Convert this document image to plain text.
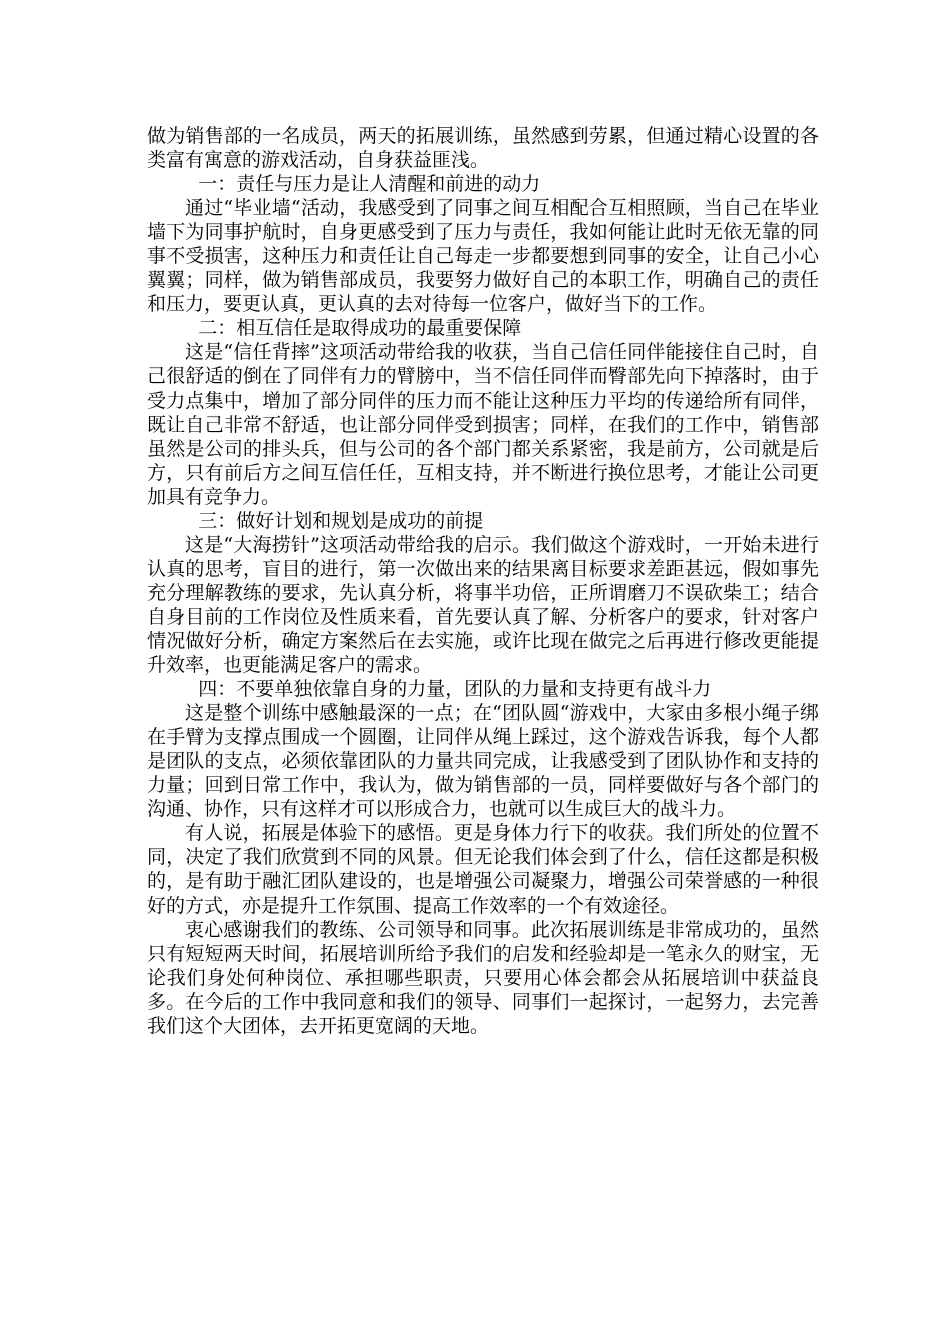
做为销售部的一名成员，两天的拓展训练，虽然感到劳累，但通过精心设置的各类富有寓意的游戏活动，自身获益匪浅。

一：责任与压力是让人清醒和前进的动力

通过“毕业墙“活动，我感受到了同事之间互相配合互相照顾，当自己在毕业墙下为同事护航时，自身更感受到了压力与责任，我如何能让此时无依无靠的同事不受损害，这种压力和责任让自己每走一步都要想到同事的安全，让自己小心翼翼；同样，做为销售部成员，我要努力做好自己的本职工作，明确自己的责任和压力，要更认真，更认真的去对待每一位客户，做好当下的工作。

二：相互信任是取得成功的最重要保障

这是“信任背摔”这项活动带给我的收获，当自己信任同伴能接住自己时，自己很舒适的倒在了同伴有力的臂膀中，当不信任同伴而臀部先向下掉落时，由于受力点集中，增加了部分同伴的压力而不能让这种压力平均的传递给所有同伴，既让自己非常不舒适，也让部分同伴受到损害；同样，在我们的工作中，销售部虽然是公司的排头兵，但与公司的各个部门都关系紧密，我是前方，公司就是后方，只有前后方之间互信任任，互相支持，并不断进行换位思考，才能让公司更加具有竞争力。

三：做好计划和规划是成功的前提

这是“大海捞针”这项活动带给我的启示。我们做这个游戏时，一开始未进行认真的思考，盲目的进行，第一次做出来的结果离目标要求差距甚远，假如事先充分理解教练的要求，先认真分析，将事半功倍，正所谓磨刀不误砍柴工；结合自身目前的工作岗位及性质来看，首先要认真了解、分析客户的要求，针对客户情况做好分析，确定方案然后在去实施，或许比现在做完之后再进行修改更能提升效率，也更能满足客户的需求。

四：不要单独依靠自身的力量，团队的力量和支持更有战斗力

这是整个训练中感触最深的一点；在“团队圆“游戏中，大家由多根小绳子绑在手臂为支撑点围成一个圆圈，让同伴从绳上踩过，这个游戏告诉我，每个人都是团队的支点，必须依靠团队的力量共同完成，让我感受到了团队协作和支持的力量；回到日常工作中，我认为，做为销售部的一员，同样要做好与各个部门的沟通、协作，只有这样才可以形成合力，也就可以生成巨大的战斗力。

有人说，拓展是体验下的感悟。更是身体力行下的收获。我们所处的位置不同，决定了我们欣赏到不同的风景。但无论我们体会到了什么，信任这都是积极的，是有助于融汇团队建设的，也是增强公司凝聚力，增强公司荣誉感的一种很好的方式，亦是提升工作氛围、提高工作效率的一个有效途径。

衷心感谢我们的教练、公司领导和同事。此次拓展训练是非常成功的，虽然只有短短两天时间，拓展培训所给予我们的启发和经验却是一笔永久的财宝，无论我们身处何种岗位、承担哪些职责，只要用心体会都会从拓展培训中获益良多。在今后的工作中我同意和我们的领导、同事们一起探讨，一起努力，去完善我们这个大团体，去开拓更宽阔的天地。
